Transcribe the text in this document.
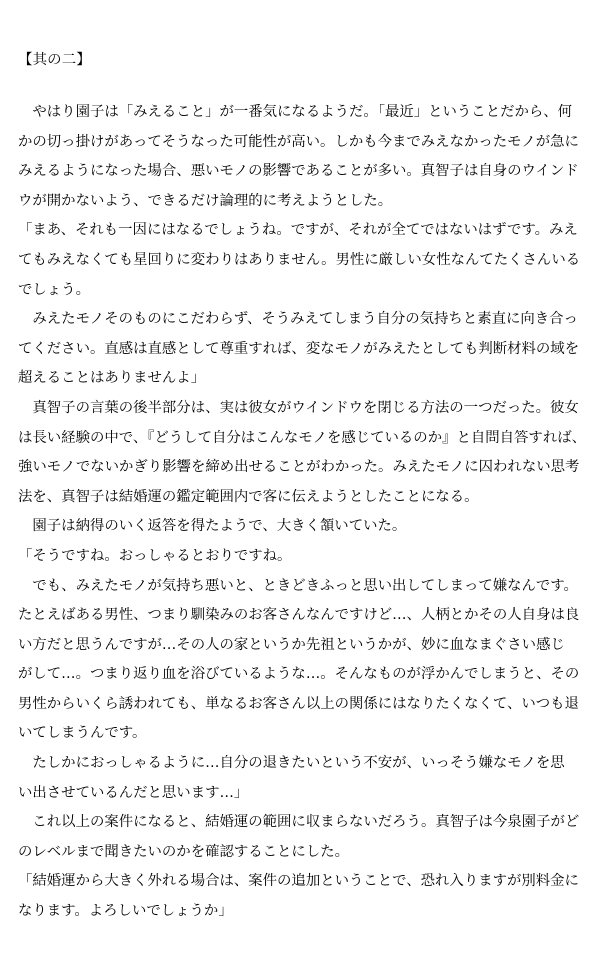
【其の二】
　やはり園子は「みえること」が一番気になるようだ。「最近」ということだから、何
かの切っ掛けがあってそうなった可能性が高い。しかも今までみえなかったモノが急に
みえるようになった場合、悪いモノの影響であることが多い。真智子は自身のウインド
ウが開かないよう、できるだけ論理的に考えようとした。
「まあ、それも一因にはなるでしょうね。ですが、それが全てではないはずです。みえ
てもみえなくても星回りに変わりはありません。男性に厳しい女性なんてたくさんいる
でしょう。
　みえたモノそのものにこだわらず、そうみえてしまう自分の気持ちと素直に向き合っ
てください。直感は直感として尊重すれば、変なモノがみえたとしても判断材料の域を
超えることはありませんよ」
　真智子の言葉の後半部分は、実は彼女がウインドウを閉じる方法の一つだった。彼女
は長い経験の中で、『どうして自分はこんなモノを感じているのか』と自問自答すれば、
強いモノでないかぎり影響を締め出せることがわかった。みえたモノに囚われない思考
法を、真智子は結婚運の鑑定範囲内で客に伝えようとしたことになる。
　園子は納得のいく返答を得たようで、大きく頷いていた。
「そうですね。おっしゃるとおりですね。
　でも、みえたモノが気持ち悪いと、ときどきふっと思い出してしまって嫌なんです。
たとえばある男性、つまり馴染みのお客さんなんですけど…、人柄とかその人自身は良
い方だと思うんですが…その人の家というか先祖というかが、妙に血なまぐさい感じ
がして…。つまり返り血を浴びているような…。そんなものが浮かんでしまうと、その
男性からいくら誘われても、単なるお客さん以上の関係にはなりたくなくて、いつも退
いてしまうんです。
　たしかにおっしゃるように…自分の退きたいという不安が、いっそう嫌なモノを思
い出させているんだと思います…」
　これ以上の案件になると、結婚運の範囲に収まらないだろう。真智子は今泉園子がど
のレベルまで聞きたいのかを確認することにした。
「結婚運から大きく外れる場合は、案件の追加ということで、恐れ入りますが別料金に
なります。よろしいでしょうか」
